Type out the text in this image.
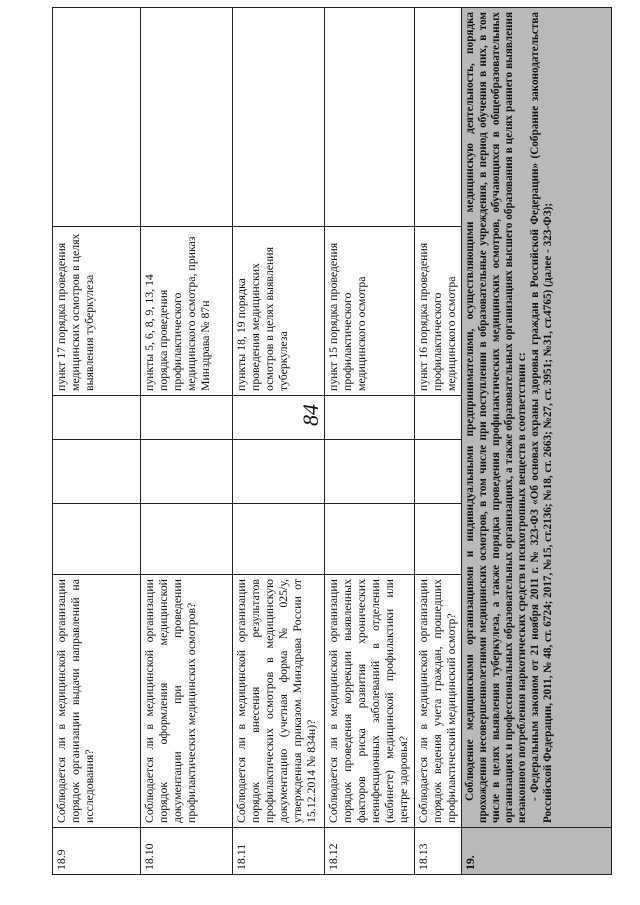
84
18.9	Соблюдается ли в медицинской организации порядок организации выдачи направлений на исследования?				пункт 17 порядка проведения медицинских осмотров в целях выявления туберкулеза	
18.10	Соблюдается ли в медицинской организации порядок оформления медицинской документации при проведении профилактических медицинских осмотров?				пункты 5, 6, 8, 9, 13, 14 порядка проведения профилактического медицинского осмотра, приказ Минздрава № 87н	
18.11	Соблюдается ли в медицинской организации порядок внесения результатов профилактических осмотров в медицинскую документацию (учетная форма № 025/у, утвержденная приказом Минздрава России от 15.12.2014 № 834н)?				пункты 18, 19 порядка проведения медицинских осмотров в целях выявления туберкулеза	
18.12	Соблюдается ли в медицинской организации порядок проведения коррекции выявленных факторов риска развития хронических неинфекционных заболеваний в отделении (кабинете) медицинской профилактики или центре здоровья?				пункт 15 порядка проведения профилактического медицинского осмотра	
18.13	Соблюдается ли в медицинской организации порядок ведения учета граждан, прошедших профилактический медицинский осмотр?				пункт 16 порядка проведения профилактического медицинского осмотра	
19.	Соблюдение медицинскими организациями и индивидуальными предпринимателями, осуществляющими медицинскую деятельность, порядка прохождения несовершеннолетними медицинских осмотров, в том числе при поступлении в образовательные учреждения, в период обучения в них, в том числе в целях выявления туберкулеза, а также порядка проведения профилактических медицинских осмотров, обучающихся в общеобразовательных организациях и профессиональных образовательных организациях, а также образовательных организациях высшего образования в целях раннего выявления незаконного потребления наркотических средств и психотропных веществ в соответствии с: - Федеральным законом от 21 ноября 2011 г. № 323-ФЗ «Об основах охраны здоровья граждан в Российской Федерации» (Собрание законодательства Российской Федерации, 2011, № 48, ст. 6724; 2017, №15, ст.2136; №18, ст. 2663; №27, ст. 3951; №31, ст.4765) (далее - 323-ФЗ);					
